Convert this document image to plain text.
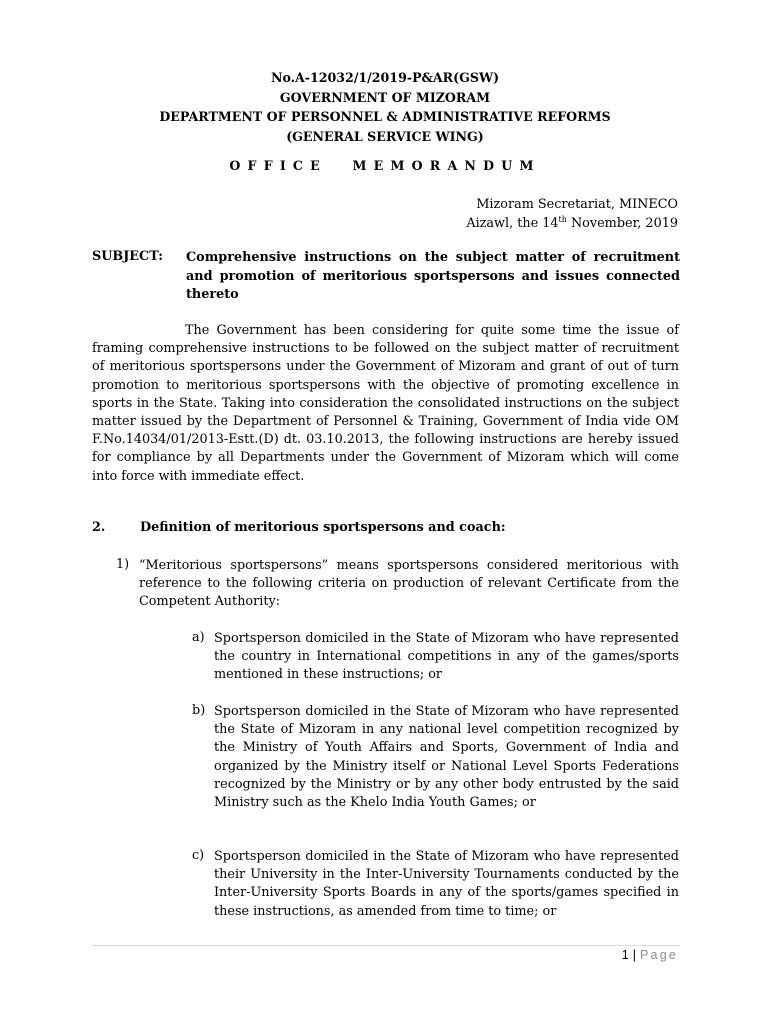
No.A-12032/1/2019-P&AR(GSW)
GOVERNMENT OF MIZORAM
DEPARTMENT OF PERSONNEL & ADMINISTRATIVE REFORMS
(GENERAL SERVICE WING)
OFFICE MEMORANDUM
Mizoram Secretariat, MINECO
Aizawl, the 14th November, 2019
SUBJECT: Comprehensive instructions on the subject matter of recruitment and promotion of meritorious sportspersons and issues connected thereto
The Government has been considering for quite some time the issue of framing comprehensive instructions to be followed on the subject matter of recruitment of meritorious sportspersons under the Government of Mizoram and grant of out of turn promotion to meritorious sportspersons with the objective of promoting excellence in sports in the State. Taking into consideration the consolidated instructions on the subject matter issued by the Department of Personnel & Training, Government of India vide OM F.No.14034/01/2013-Estt.(D) dt. 03.10.2013, the following instructions are hereby issued for compliance by all Departments under the Government of Mizoram which will come into force with immediate effect.
2.	Definition of meritorious sportspersons and coach:
1) “Meritorious sportspersons” means sportspersons considered meritorious with reference to the following criteria on production of relevant Certificate from the Competent Authority:
a) Sportsperson domiciled in the State of Mizoram who have represented the country in International competitions in any of the games/sports mentioned in these instructions; or
b) Sportsperson domiciled in the State of Mizoram who have represented the State of Mizoram in any national level competition recognized by the Ministry of Youth Affairs and Sports, Government of India and organized by the Ministry itself or National Level Sports Federations recognized by the Ministry or by any other body entrusted by the said Ministry such as the Khelo India Youth Games; or
c) Sportsperson domiciled in the State of Mizoram who have represented their University in the Inter-University Tournaments conducted by the Inter-University Sports Boards in any of the sports/games specified in these instructions, as amended from time to time; or
1 | Page
